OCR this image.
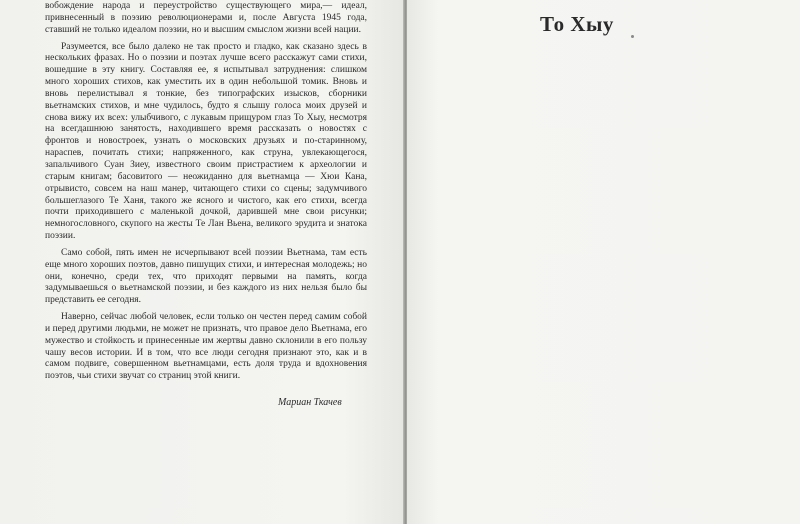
вобождение народа и переустройство существующего мира,— идеал, привнесенный в поэзию революционерами и, после Августа 1945 года, ставший не только идеалом поэзии, но и высшим смыслом жизни всей нации.

Разумеется, все было далеко не так просто и гладко, как сказано здесь в нескольких фразах. Но о поэзии и поэтах лучше всего расскажут сами стихи, вошедшие в эту книгу. Составляя ее, я испытывал затруднения: слишком много хороших стихов, как уместить их в один небольшой томик. Вновь и вновь перелистывал я тонкие, без типографских изысков, сборники вьетнамских стихов, и мне чудилось, будто я слышу голоса моих друзей и снова вижу их всех: улыбчивого, с лукавым прищуром глаз То Хыу, несмотря на всегдашнюю занятость, находившего время рассказать о новостях с фронтов и новостроек, узнать о московских друзьях и по-старинному, нараспев, почитать стихи; напряженного, как струна, увлекающегося, запальчивого Суан Зиеу, известного своим пристрастием к археологии и старым книгам; басовитого — неожиданно для вьетнамца — Хюи Кана, отрывисто, совсем на наш манер, читающего стихи со сцены; задумчивого большеглазого Те Ханя, такого же ясного и чистого, как его стихи, всегда почти приходившего с маленькой дочкой, дарившей мне свои рисунки; немногословного, скупого на жесты Те Лан Вьена, великого эрудита и знатока поэзии.

Само собой, пять имен не исчерпывают всей поэзии Вьетнама, там есть еще много хороших поэтов, давно пишущих стихи, и интересная молодежь; но они, конечно, среди тех, что приходят первыми на память, когда задумываешься о вьетнамской поэзии, и без каждого из них нельзя было бы представить ее сегодня.

Наверно, сейчас любой человек, если только он честен перед самим собой и перед другими людьми, не может не признать, что правое дело Вьетнама, его мужество и стойкость и принесенные им жертвы давно склонили в его пользу чашу весов истории. И в том, что все люди сегодня признают это, как и в самом подвиге, совершенном вьетнамцами, есть доля труда и вдохновения поэтов, чьи стихи звучат со страниц этой книги.

Мариан Ткачев
То Хыу
